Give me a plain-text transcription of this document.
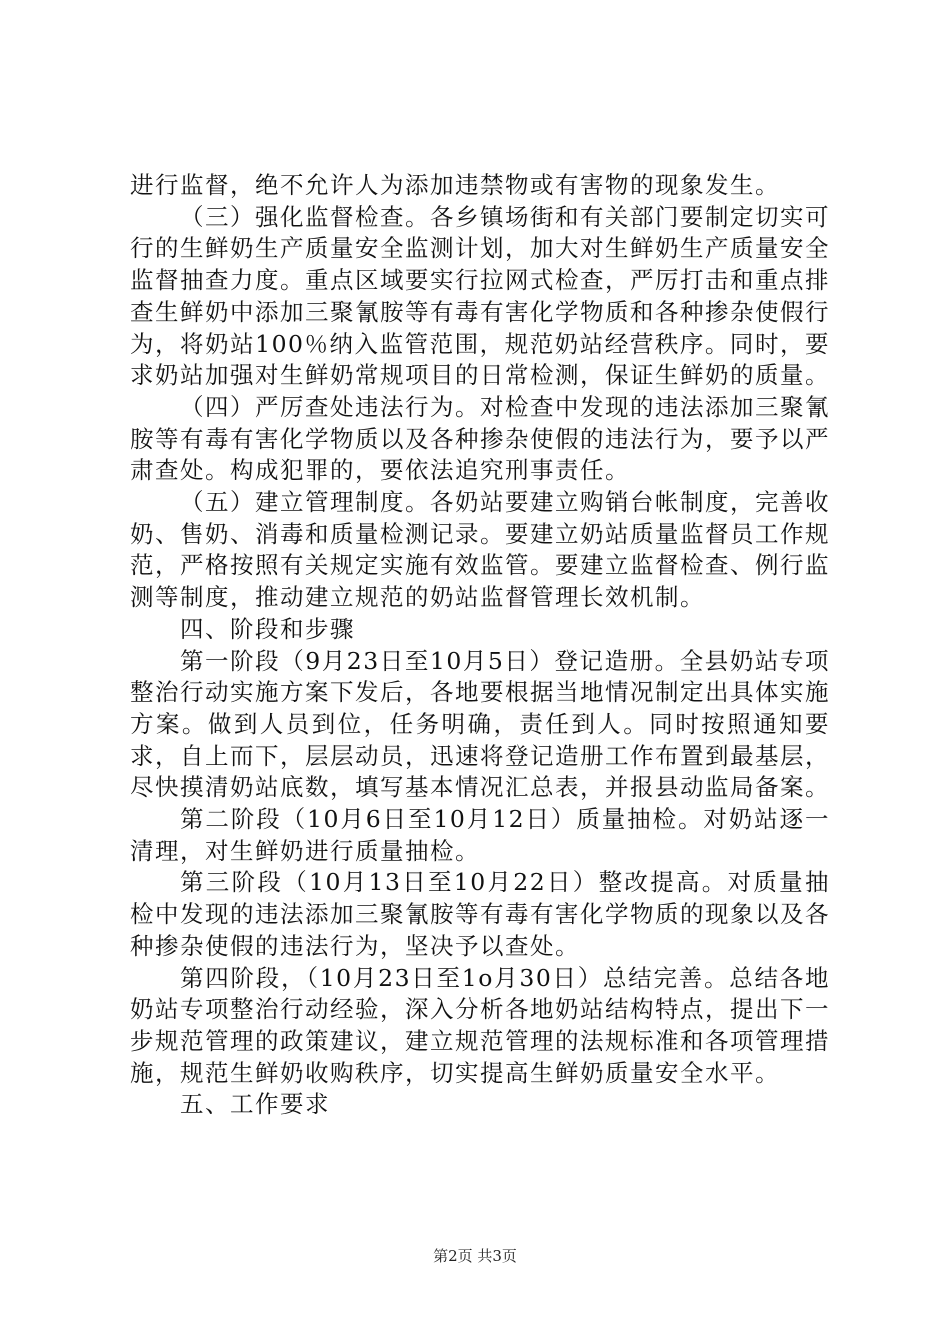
进行监督，绝不允许人为添加违禁物或有害物的现象发生。

（三）强化监督检查。各乡镇场街和有关部门要制定切实可行的生鲜奶生产质量安全监测计划，加大对生鲜奶生产质量安全监督抽查力度。重点区域要实行拉网式检查，严厉打击和重点排查生鲜奶中添加三聚氰胺等有毒有害化学物质和各种掺杂使假行为，将奶站100％纳入监管范围，规范奶站经营秩序。同时，要求奶站加强对生鲜奶常规项目的日常检测，保证生鲜奶的质量。

（四）严厉查处违法行为。对检查中发现的违法添加三聚氰胺等有毒有害化学物质以及各种掺杂使假的违法行为，要予以严肃查处。构成犯罪的，要依法追究刑事责任。

（五）建立管理制度。各奶站要建立购销台帐制度，完善收奶、售奶、消毒和质量检测记录。要建立奶站质量监督员工作规范，严格按照有关规定实施有效监管。要建立监督检查、例行监测等制度，推动建立规范的奶站监督管理长效机制。

四、阶段和步骤

第一阶段（9月23日至10月5日）登记造册。全县奶站专项整治行动实施方案下发后，各地要根据当地情况制定出具体实施方案。做到人员到位，任务明确，责任到人。同时按照通知要求，自上而下，层层动员，迅速将登记造册工作布置到最基层，尽快摸清奶站底数，填写基本情况汇总表，并报县动监局备案。

第二阶段（10月6日至10月12日）质量抽检。对奶站逐一清理，对生鲜奶进行质量抽检。

第三阶段（10月13日至10月22日）整改提高。对质量抽检中发现的违法添加三聚氰胺等有毒有害化学物质的现象以及各种掺杂使假的违法行为，坚决予以查处。

第四阶段，（10月23日至1o月30日）总结完善。总结各地奶站专项整治行动经验，深入分析各地奶站结构特点，提出下一步规范管理的政策建议，建立规范管理的法规标准和各项管理措施，规范生鲜奶收购秩序，切实提高生鲜奶质量安全水平。

五、工作要求

第2页 共3页
